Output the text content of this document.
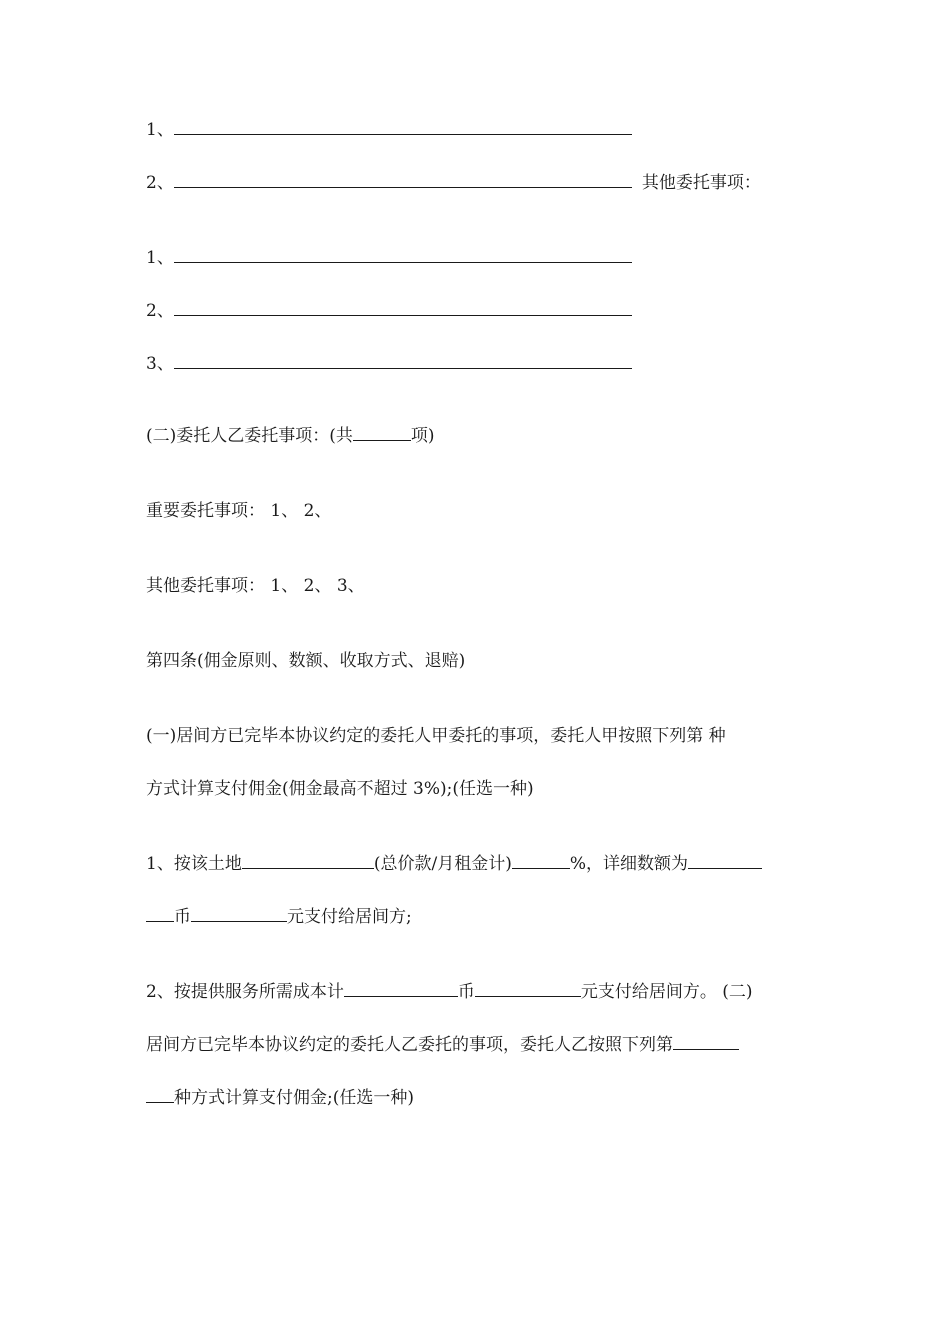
1、
2、	其他委托事项：
1、
2、
3、
(二)委托人乙委托事项：(共	项)
重要委托事项： 1、 2、
其他委托事项： 1、 2、 3、
第四条(佣金原则、数额、收取方式、退赔)
(一)居间方已完毕本协议约定的委托人甲委托的事项，委托人甲按照下列第 种
方式计算支付佣金(佣金最高不超过 3%);(任选一种)
1、按该土地	(总价款/月租金计)	%，详细数额为
币	元支付给居间方;
2、按提供服务所需成本计	币	元支付给居间方。 (二)
居间方已完毕本协议约定的委托人乙委托的事项，委托人乙按照下列第
种方式计算支付佣金;(任选一种)
